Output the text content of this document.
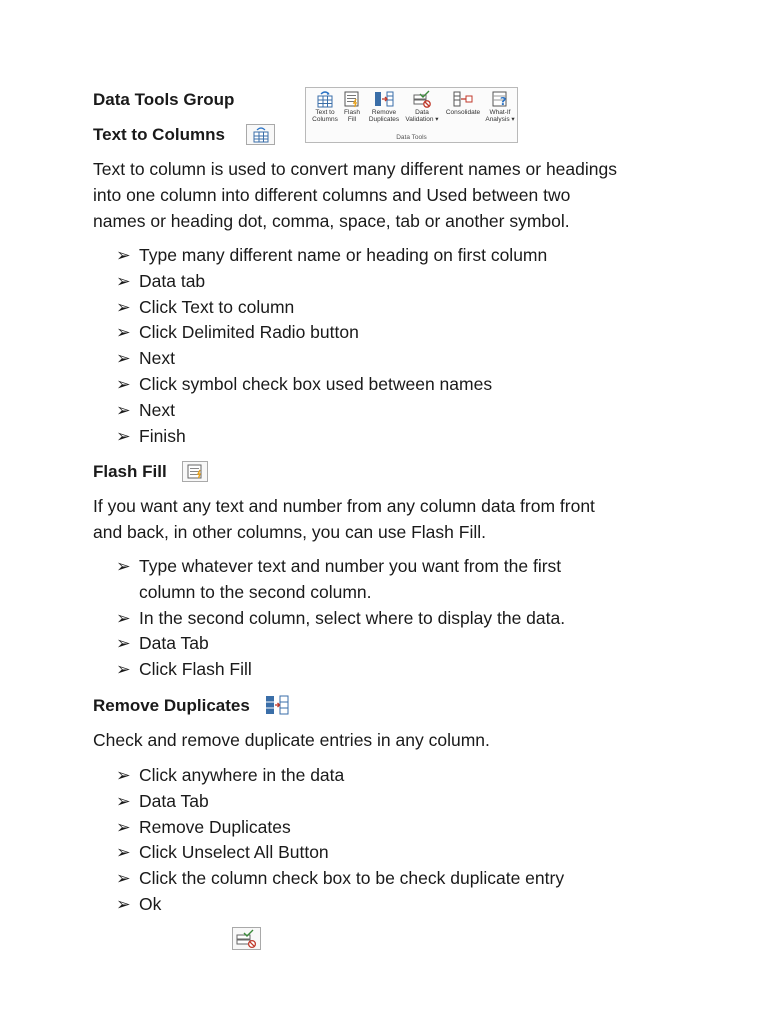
Data Tools Group
Text to
Columns
Flash
Fill
Remove
Duplicates
Data
Validation ▾
Consolidate
?
What-If
Analysis ▾
Data Tools
Text to Columns
Text to column is used to convert many different names or headings
into one column into different columns and Used between two
names or heading dot, comma, space, tab or another symbol.
➢ Type many different name or heading on first column
➢ Data tab
➢ Click Text to column
➢ Click Delimited Radio button
➢ Next
➢ Click symbol check box used between names
➢ Next
➢ Finish
Flash Fill
If you want any text and number from any column data from front
and back, in other columns, you can use Flash Fill.
➢ Type whatever text and number you want from the first
column to the second column.
➢ In the second column, select where to display the data.
➢ Data Tab
➢ Click Flash Fill
Remove Duplicates
Check and remove duplicate entries in any column.
➢ Click anywhere in the data
➢ Data Tab
➢ Remove Duplicates
➢ Click Unselect All Button
➢ Click the column check box to be check duplicate entry
➢ Ok
